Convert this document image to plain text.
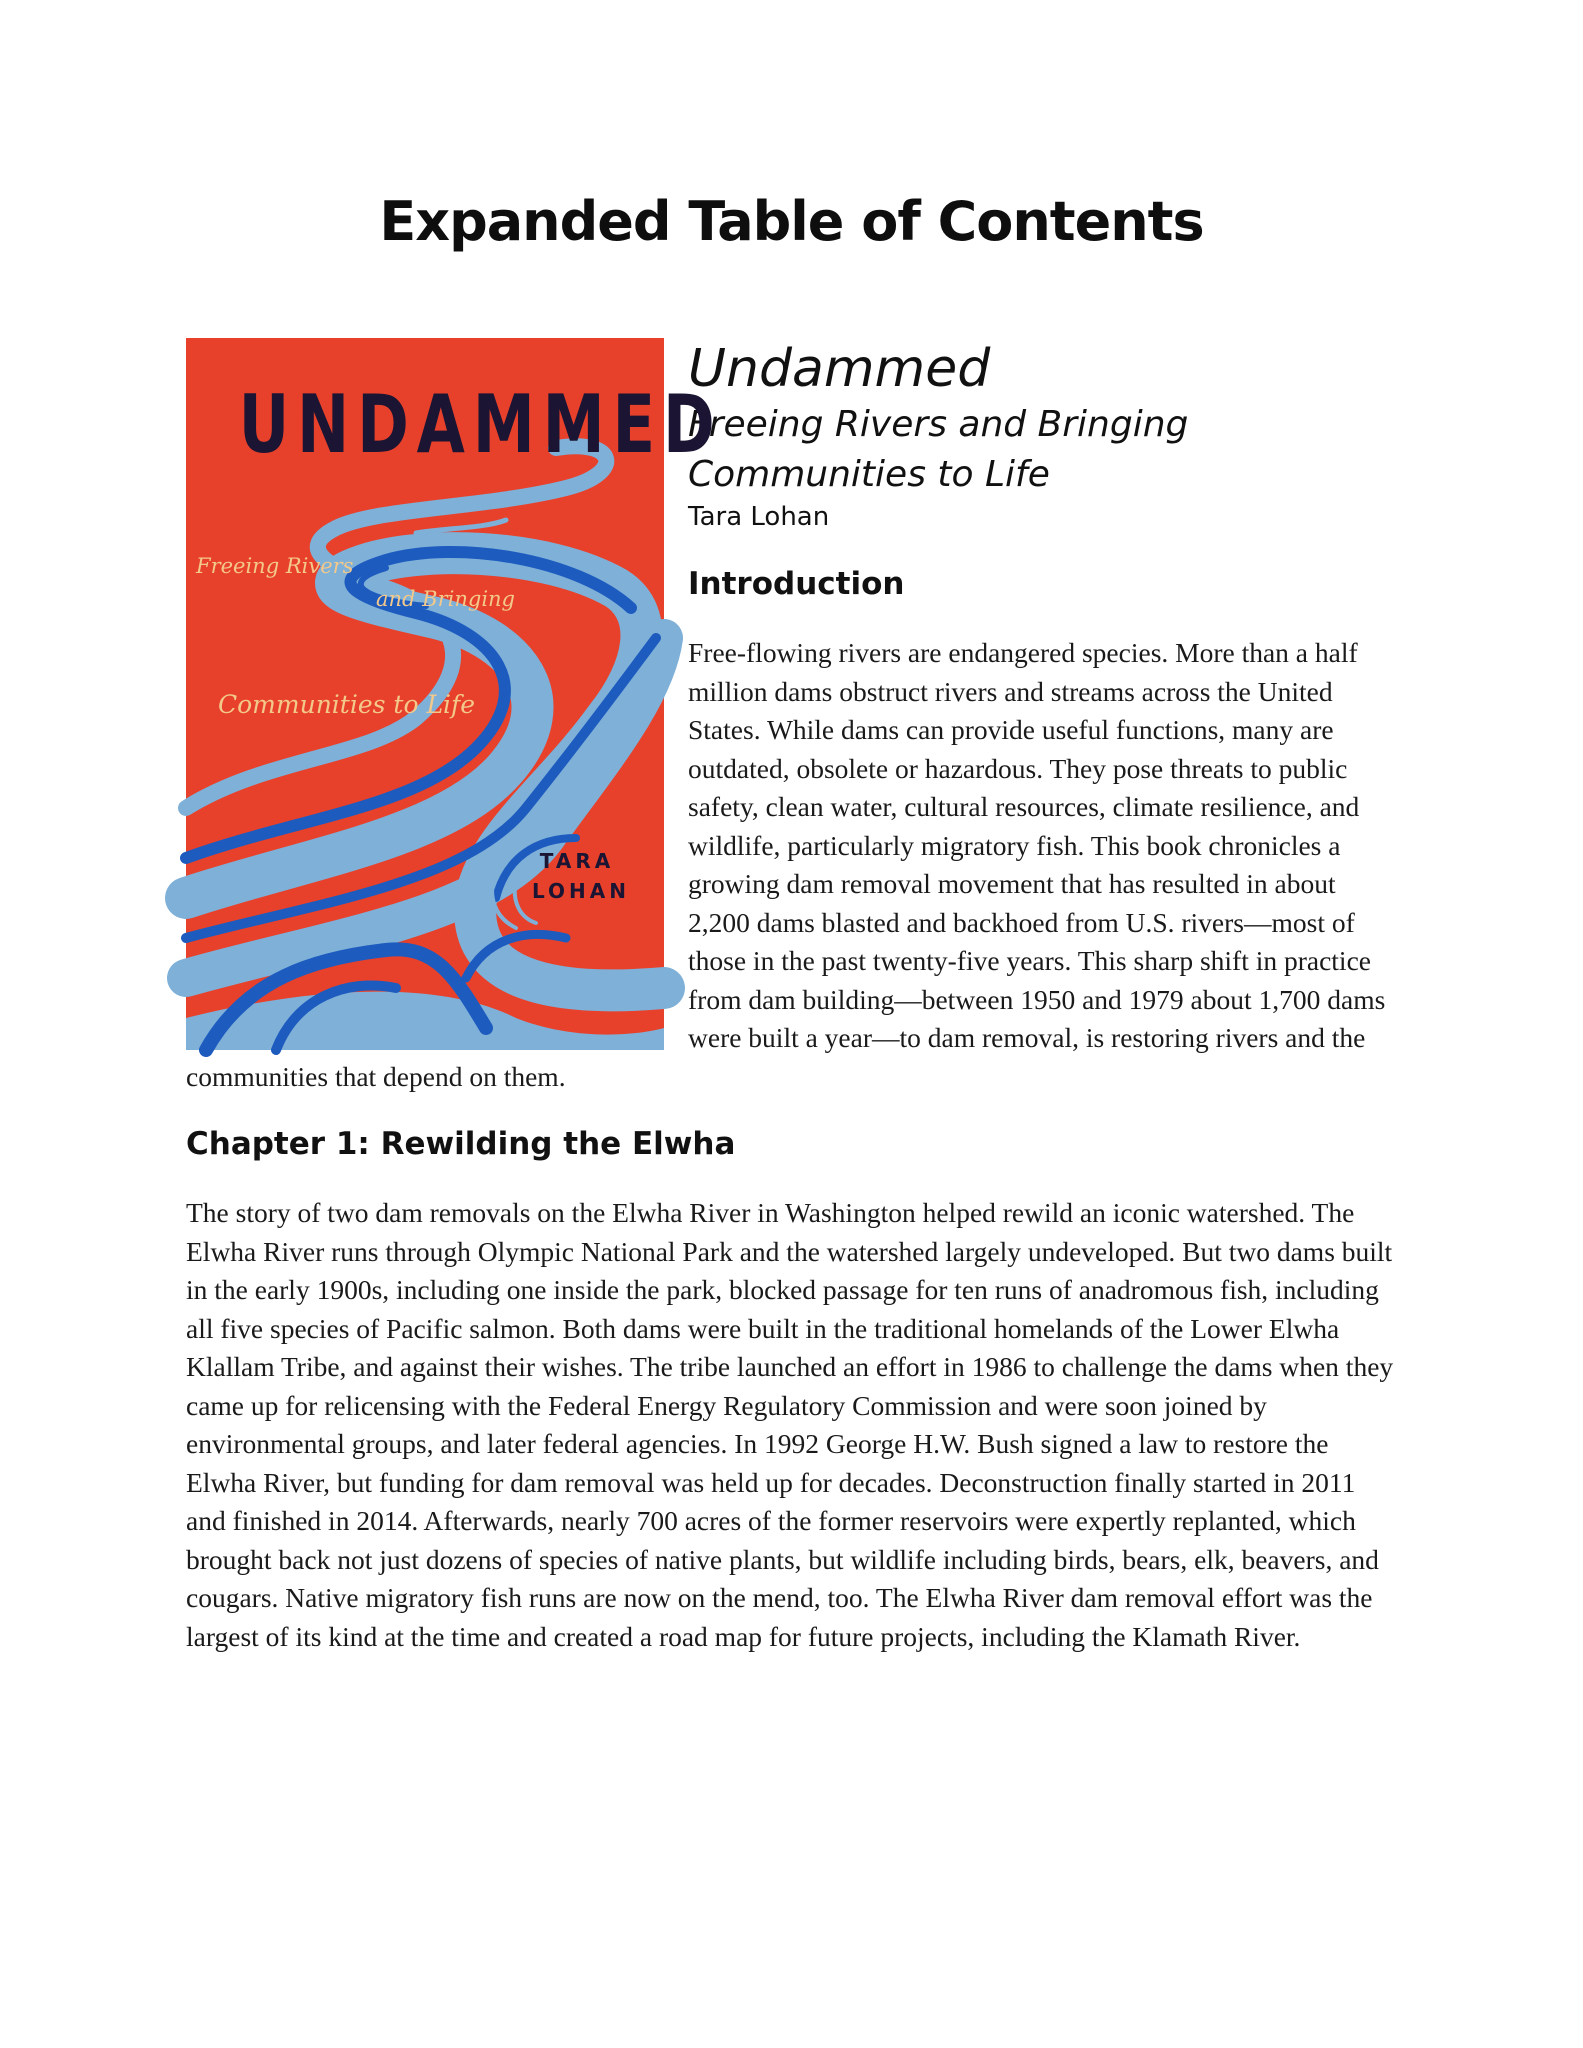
Expanded Table of Contents
UNDAMMED
Freeing Rivers
and Bringing
Communities to Life
TARA
LOHAN

Undammed

Freeing Rivers and Bringing

Communities to Life

Tara Lohan

Introduction

Free-flowing rivers are endangered species. More than a half million dams obstruct rivers and streams across the United States. While dams can provide useful functions, many are outdated, obsolete or hazardous. They pose threats to public safety, clean water, cultural resources, climate resilience, and wildlife, particularly migratory fish. This book chronicles a growing dam removal movement that has resulted in about 2,200 dams blasted and backhoed from U.S. rivers—most of those in the past twenty-five years. This sharp shift in practice from dam building—between 1950 and 1979 about 1,700 dams were built a year—to dam removal, is restoring rivers and the communities that depend on them.

Chapter 1: Rewilding the Elwha

The story of two dam removals on the Elwha River in Washington helped rewild an iconic watershed. The Elwha River runs through Olympic National Park and the watershed largely undeveloped. But two dams built in the early 1900s, including one inside the park, blocked passage for ten runs of anadromous fish, including all five species of Pacific salmon. Both dams were built in the traditional homelands of the Lower Elwha Klallam Tribe, and against their wishes. The tribe launched an effort in 1986 to challenge the dams when they came up for relicensing with the Federal Energy Regulatory Commission and were soon joined by environmental groups, and later federal agencies. In 1992 George H.W. Bush signed a law to restore the Elwha River, but funding for dam removal was held up for decades. Deconstruction finally started in 2011 and finished in 2014. Afterwards, nearly 700 acres of the former reservoirs were expertly replanted, which brought back not just dozens of species of native plants, but wildlife including birds, bears, elk, beavers, and cougars. Native migratory fish runs are now on the mend, too. The Elwha River dam removal effort was the largest of its kind at the time and created a road map for future projects, including the Klamath River.
